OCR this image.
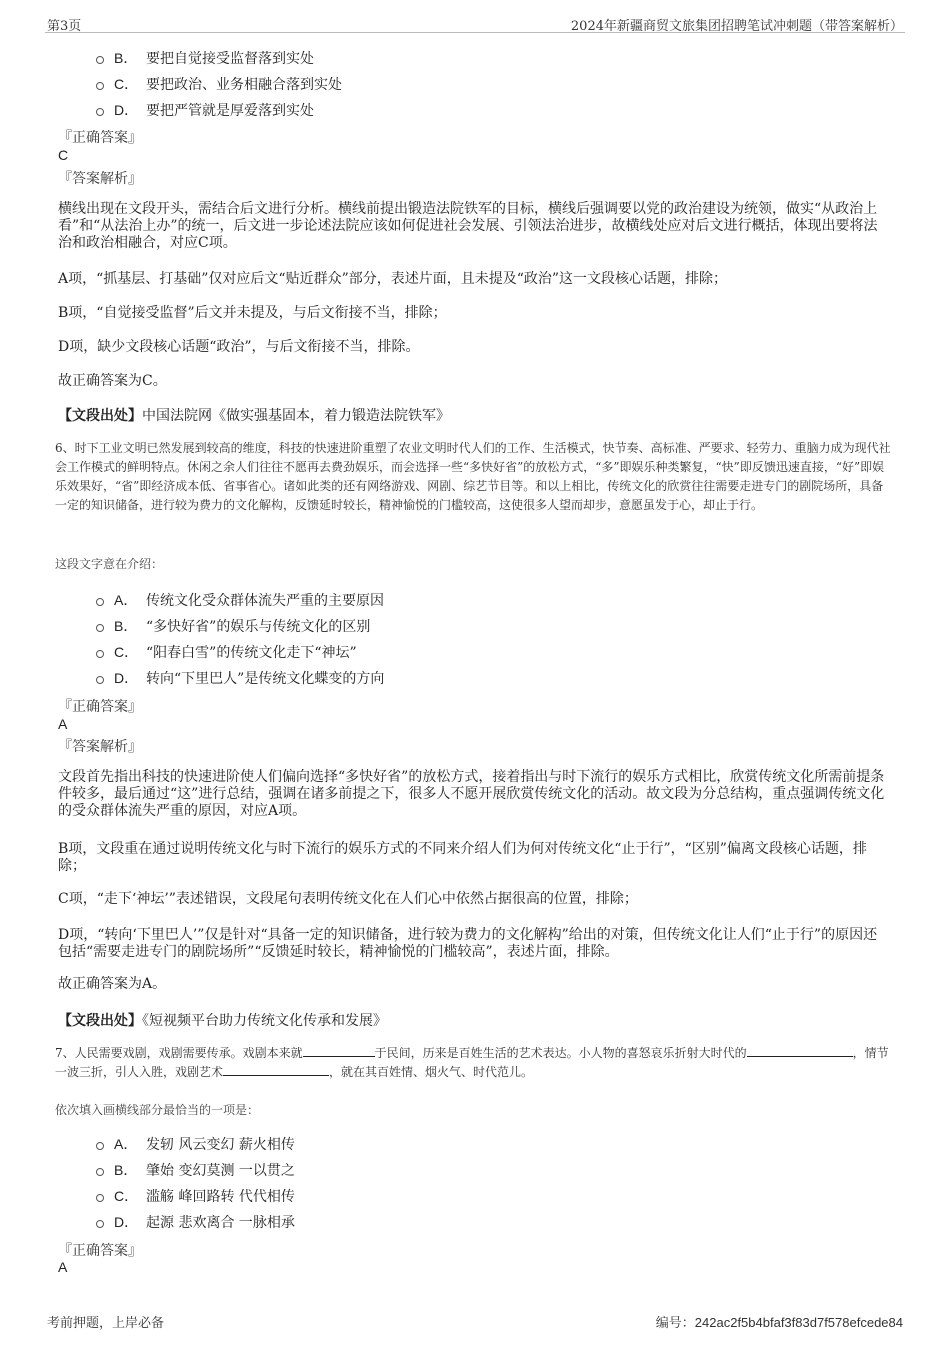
第3页	2024年新疆商贸文旅集团招聘笔试冲刺题（带答案解析）
B． 要把自觉接受监督落到实处
C． 要把政治、业务相融合落到实处
D． 要把严管就是厚爱落到实处
『正确答案』
C
『答案解析』
横线出现在文段开头，需结合后文进行分析。横线前提出锻造法院铁军的目标，横线后强调要以党的政治建设为统领，做实“从政治上看”和“从法治上办”的统一，后文进一步论述法院应该如何促进社会发展、引领法治进步，故横线处应对后文进行概括，体现出要将法治和政治相融合，对应C项。
A项，“抓基层、打基础”仅对应后文“贴近群众”部分，表述片面，且未提及“政治”这一文段核心话题，排除；
B项，“自觉接受监督”后文并未提及，与后文衔接不当，排除；
D项，缺少文段核心话题“政治”，与后文衔接不当，排除。
故正确答案为C。
【文段出处】中国法院网《做实强基固本，着力锻造法院铁军》
6、时下工业文明已然发展到较高的维度，科技的快速进阶重塑了农业文明时代人们的工作、生活模式，快节奏、高标准、严要求、轻劳力、重脑力成为现代社会工作模式的鲜明特点。休闲之余人们往往不愿再去费劲娱乐，而会选择一些“多快好省”的放松方式，“多”即娱乐种类繁复，“快”即反馈迅速直接，“好”即娱乐效果好，“省”即经济成本低、省事省心。诸如此类的还有网络游戏、网剧、综艺节目等。和以上相比，传统文化的欣赏往往需要走进专门的剧院场所，具备一定的知识储备，进行较为费力的文化解构，反馈延时较长，精神愉悦的门槛较高，这使很多人望而却步，意愿虽发于心，却止于行。
这段文字意在介绍：
A． 传统文化受众群体流失严重的主要原因
B． “多快好省”的娱乐与传统文化的区别
C． “阳春白雪”的传统文化走下“神坛”
D． 转向“下里巴人”是传统文化蝶变的方向
『正确答案』
A
『答案解析』
文段首先指出科技的快速进阶使人们偏向选择“多快好省”的放松方式，接着指出与时下流行的娱乐方式相比，欣赏传统文化所需前提条件较多，最后通过“这”进行总结，强调在诸多前提之下，很多人不愿开展欣赏传统文化的活动。故文段为分总结构，重点强调传统文化的受众群体流失严重的原因，对应A项。
B项，文段重在通过说明传统文化与时下流行的娱乐方式的不同来介绍人们为何对传统文化“止于行”，“区别”偏离文段核心话题，排除；
C项，“走下‘神坛’”表述错误，文段尾句表明传统文化在人们心中依然占据很高的位置，排除；
D项，“转向‘下里巴人’”仅是针对“具备一定的知识储备，进行较为费力的文化解构”给出的对策，但传统文化让人们“止于行”的原因还包括“需要走进专门的剧院场所”“反馈延时较长，精神愉悦的门槛较高”，表述片面，排除。
故正确答案为A。
【文段出处】《短视频平台助力传统文化传承和发展》
7、人民需要戏剧，戏剧需要传承。戏剧本来就	于民间，历来是百姓生活的艺术表达。小人物的喜怒哀乐折射大时代的	，情节一波三折，引人入胜，戏剧艺术	，就在其百姓情、烟火气、时代范儿。
依次填入画横线部分最恰当的一项是：
A． 发轫 风云变幻 薪火相传
B． 肇始 变幻莫测 一以贯之
C． 滥觞 峰回路转 代代相传
D． 起源 悲欢离合 一脉相承
『正确答案』
A
考前押题，上岸必备	编号：242ac2f5b4bfaf3f83d7f578efcede84
